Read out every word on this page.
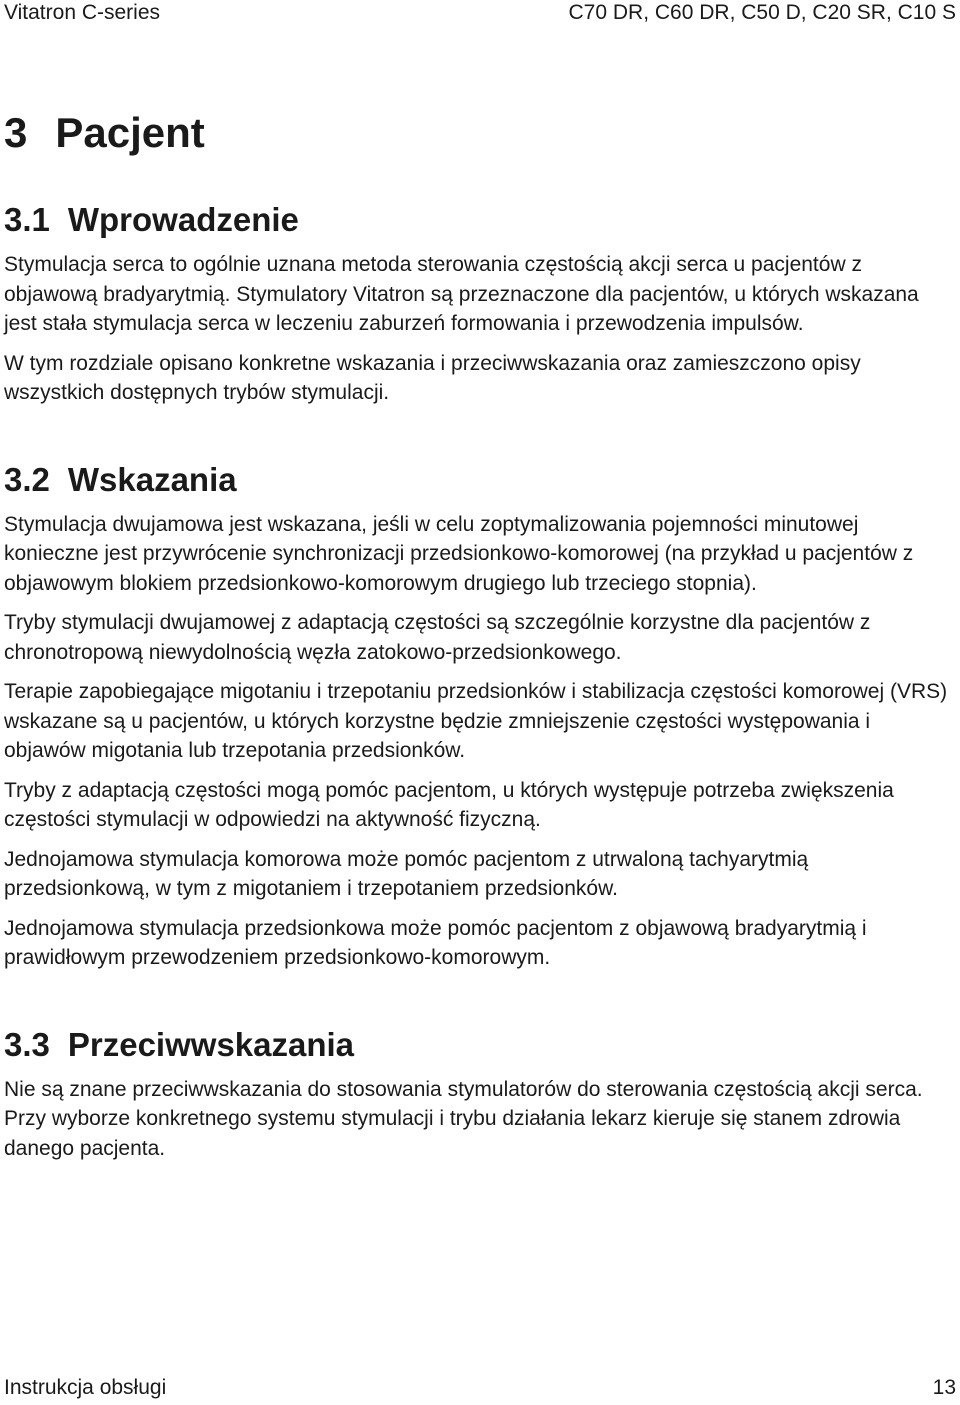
Vitatron C-series	C70 DR, C60 DR, C50 D, C20 SR, C10 S
3 Pacjent
3.1 Wprowadzenie

Stymulacja serca to ogólnie uznana metoda sterowania częstością akcji serca u pacjentów z objawową bradyarytmią. Stymulatory Vitatron są przeznaczone dla pacjentów, u których wskazana jest stała stymulacja serca w leczeniu zaburzeń formowania i przewodzenia impulsów.

W tym rozdziale opisano konkretne wskazania i przeciwwskazania oraz zamieszczono opisy wszystkich dostępnych trybów stymulacji.

3.2 Wskazania

Stymulacja dwujamowa jest wskazana, jeśli w celu zoptymalizowania pojemności minutowej konieczne jest przywrócenie synchronizacji przedsionkowo-komorowej (na przykład u pacjentów z objawowym blokiem przedsionkowo-komorowym drugiego lub trzeciego stopnia).

Tryby stymulacji dwujamowej z adaptacją częstości są szczególnie korzystne dla pacjentów z chronotropową niewydolnością węzła zatokowo-przedsionkowego.

Terapie zapobiegające migotaniu i trzepotaniu przedsionków i stabilizacja częstości komorowej (VRS) wskazane są u pacjentów, u których korzystne będzie zmniejszenie częstości występowania i objawów migotania lub trzepotania przedsionków.

Tryby z adaptacją częstości mogą pomóc pacjentom, u których występuje potrzeba zwiększenia częstości stymulacji w odpowiedzi na aktywność fizyczną.

Jednojamowa stymulacja komorowa może pomóc pacjentom z utrwaloną tachyarytmią przedsionkową, w tym z migotaniem i trzepotaniem przedsionków.

Jednojamowa stymulacja przedsionkowa może pomóc pacjentom z objawową bradyarytmią i prawidłowym przewodzeniem przedsionkowo-komorowym.

3.3 Przeciwwskazania

Nie są znane przeciwwskazania do stosowania stymulatorów do sterowania częstością akcji serca. Przy wyborze konkretnego systemu stymulacji i trybu działania lekarz kieruje się stanem zdrowia danego pacjenta.

Instrukcja obsługi	13
